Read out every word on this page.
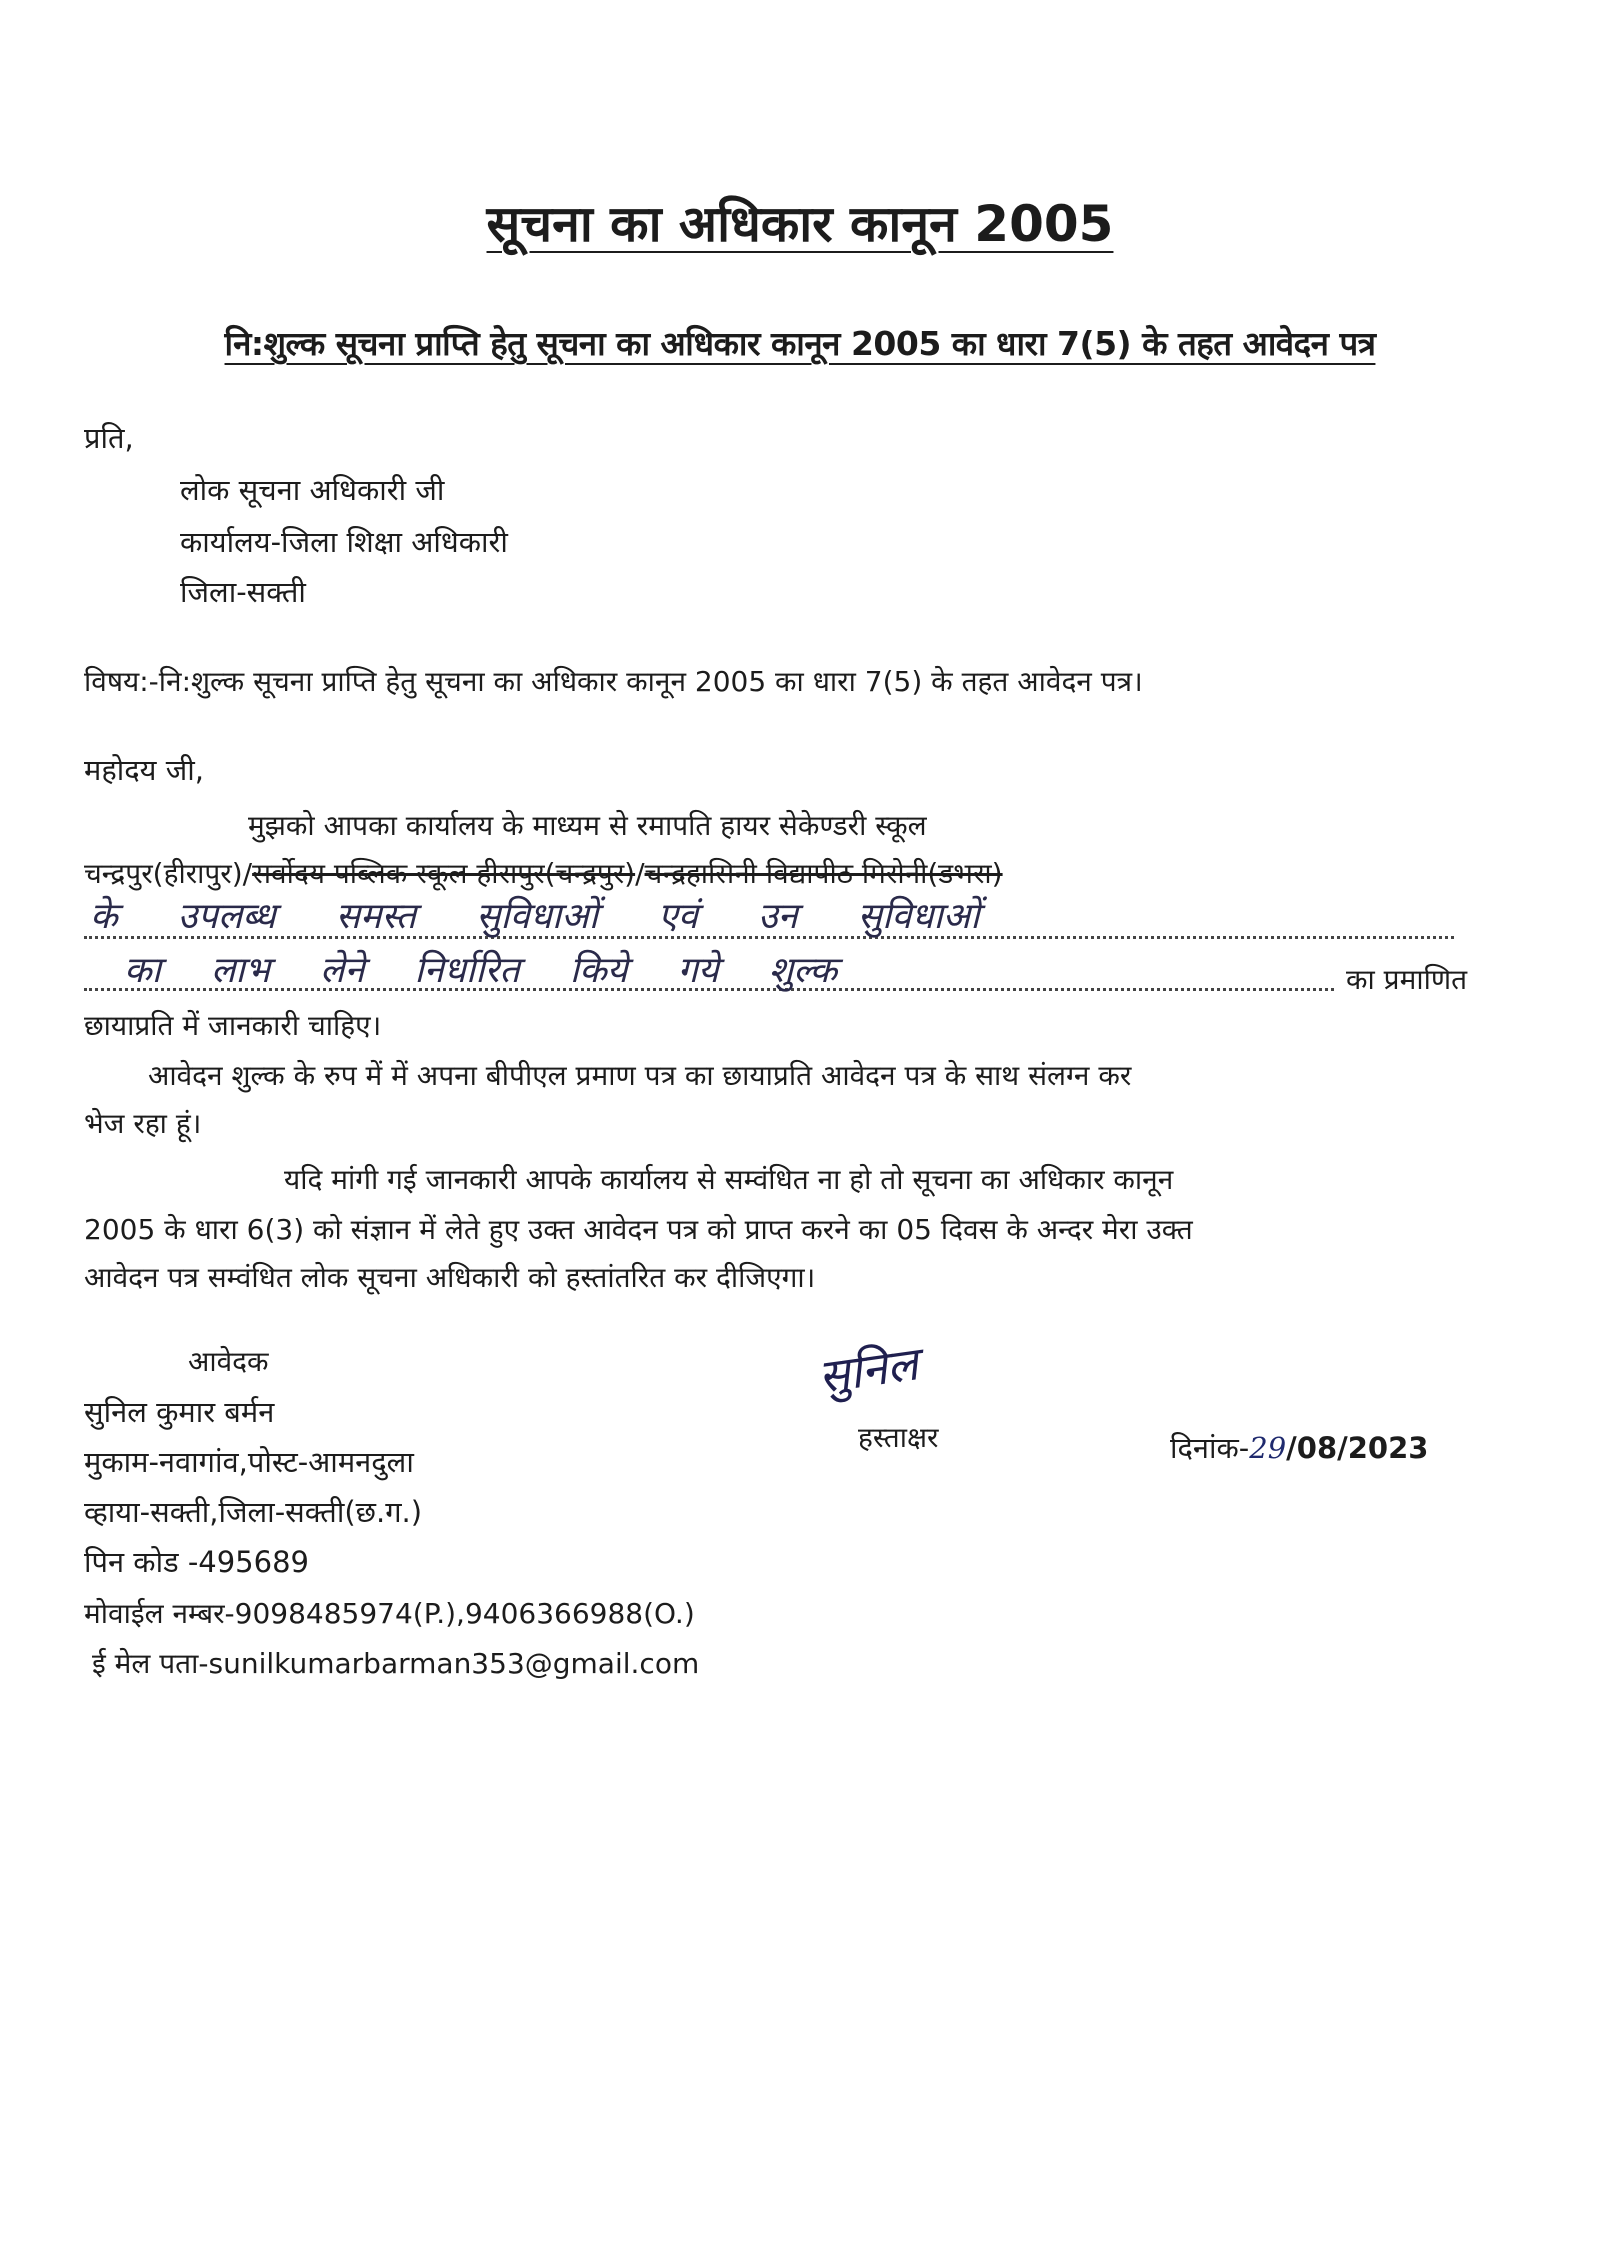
सूचना का अधिकार कानून 2005
नि:शुल्क सूचना प्राप्ति हेतु सूचना का अधिकार कानून 2005 का धारा 7(5) के तहत आवेदन पत्र
प्रति,
लोक सूचना अधिकारी जी
कार्यालय-जिला शिक्षा अधिकारी
जिला-सक्ती
विषय:-नि:शुल्क सूचना प्राप्ति हेतु सूचना का अधिकार कानून 2005 का धारा 7(5) के तहत आवेदन पत्र।
महोदय जी,
मुझको आपका कार्यालय के माध्यम से रमापति हायर सेकेण्डरी स्कूल
चन्द्रपुर(हीरापुर)/सर्वोदय पब्लिक स्कूल हीरापुर(चन्द्रपुर)/चन्द्रहासिनी विद्यापीठ मिरोनी(डभरा)
के उपलब्ध समस्त सुविधाओं एवं उन सुविधाओं
का लाभ लेने निर्धारित किये गये शुल्क	का प्रमाणित
छायाप्रति में जानकारी चाहिए।
आवेदन शुल्क के रुप में में अपना बीपीएल प्रमाण पत्र का छायाप्रति आवेदन पत्र के साथ संलग्न कर
भेज रहा हूं।
यदि मांगी गई जानकारी आपके कार्यालय से सम्वंधित ना हो तो सूचना का अधिकार कानून
2005 के धारा 6(3) को संज्ञान में लेते हुए उक्त आवेदन पत्र को प्राप्त करने का 05 दिवस के अन्दर मेरा उक्त
आवेदन पत्र सम्वंधित लोक सूचना अधिकारी को हस्तांतरित कर दीजिएगा।
आवेदक
सुनिल कुमार बर्मन
मुकाम-नवागांव,पोस्ट-आमनदुला
व्हाया-सक्ती,जिला-सक्ती(छ.ग.)
पिन कोड -495689
मोवाईल नम्बर-9098485974(P.),9406366988(O.)
ई मेल पता-sunilkumarbarman353@gmail.com
सुनिल
हस्ताक्षर	दिनांक-29/08/2023
